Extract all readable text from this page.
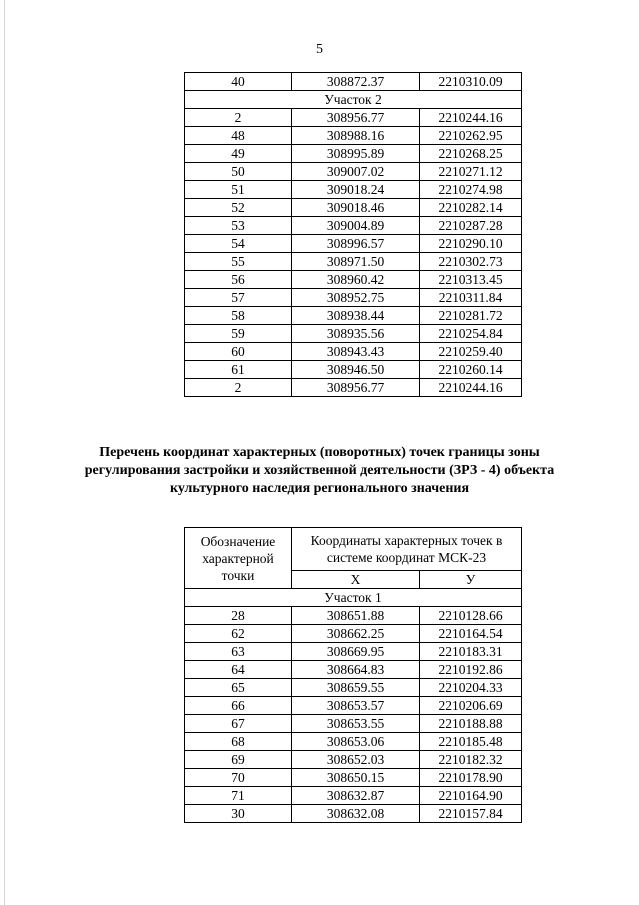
5
40	308872.37	2210310.09
Участок 2		
2	308956.77	2210244.16
48	308988.16	2210262.95
49	308995.89	2210268.25
50	309007.02	2210271.12
51	309018.24	2210274.98
52	309018.46	2210282.14
53	309004.89	2210287.28
54	308996.57	2210290.10
55	308971.50	2210302.73
56	308960.42	2210313.45
57	308952.75	2210311.84
58	308938.44	2210281.72
59	308935.56	2210254.84
60	308943.43	2210259.40
61	308946.50	2210260.14
2	308956.77	2210244.16
Перечень координат характерных (поворотных) точек границы зоны
регулирования застройки и хозяйственной деятельности (ЗРЗ - 4) объекта
культурного наследия регионального значения
Обозначение характерной точки	Координаты характерных точек в системе координат МСК-23	
	Х	У
Участок 1		
28	308651.88	2210128.66
62	308662.25	2210164.54
63	308669.95	2210183.31
64	308664.83	2210192.86
65	308659.55	2210204.33
66	308653.57	2210206.69
67	308653.55	2210188.88
68	308653.06	2210185.48
69	308652.03	2210182.32
70	308650.15	2210178.90
71	308632.87	2210164.90
30	308632.08	2210157.84
